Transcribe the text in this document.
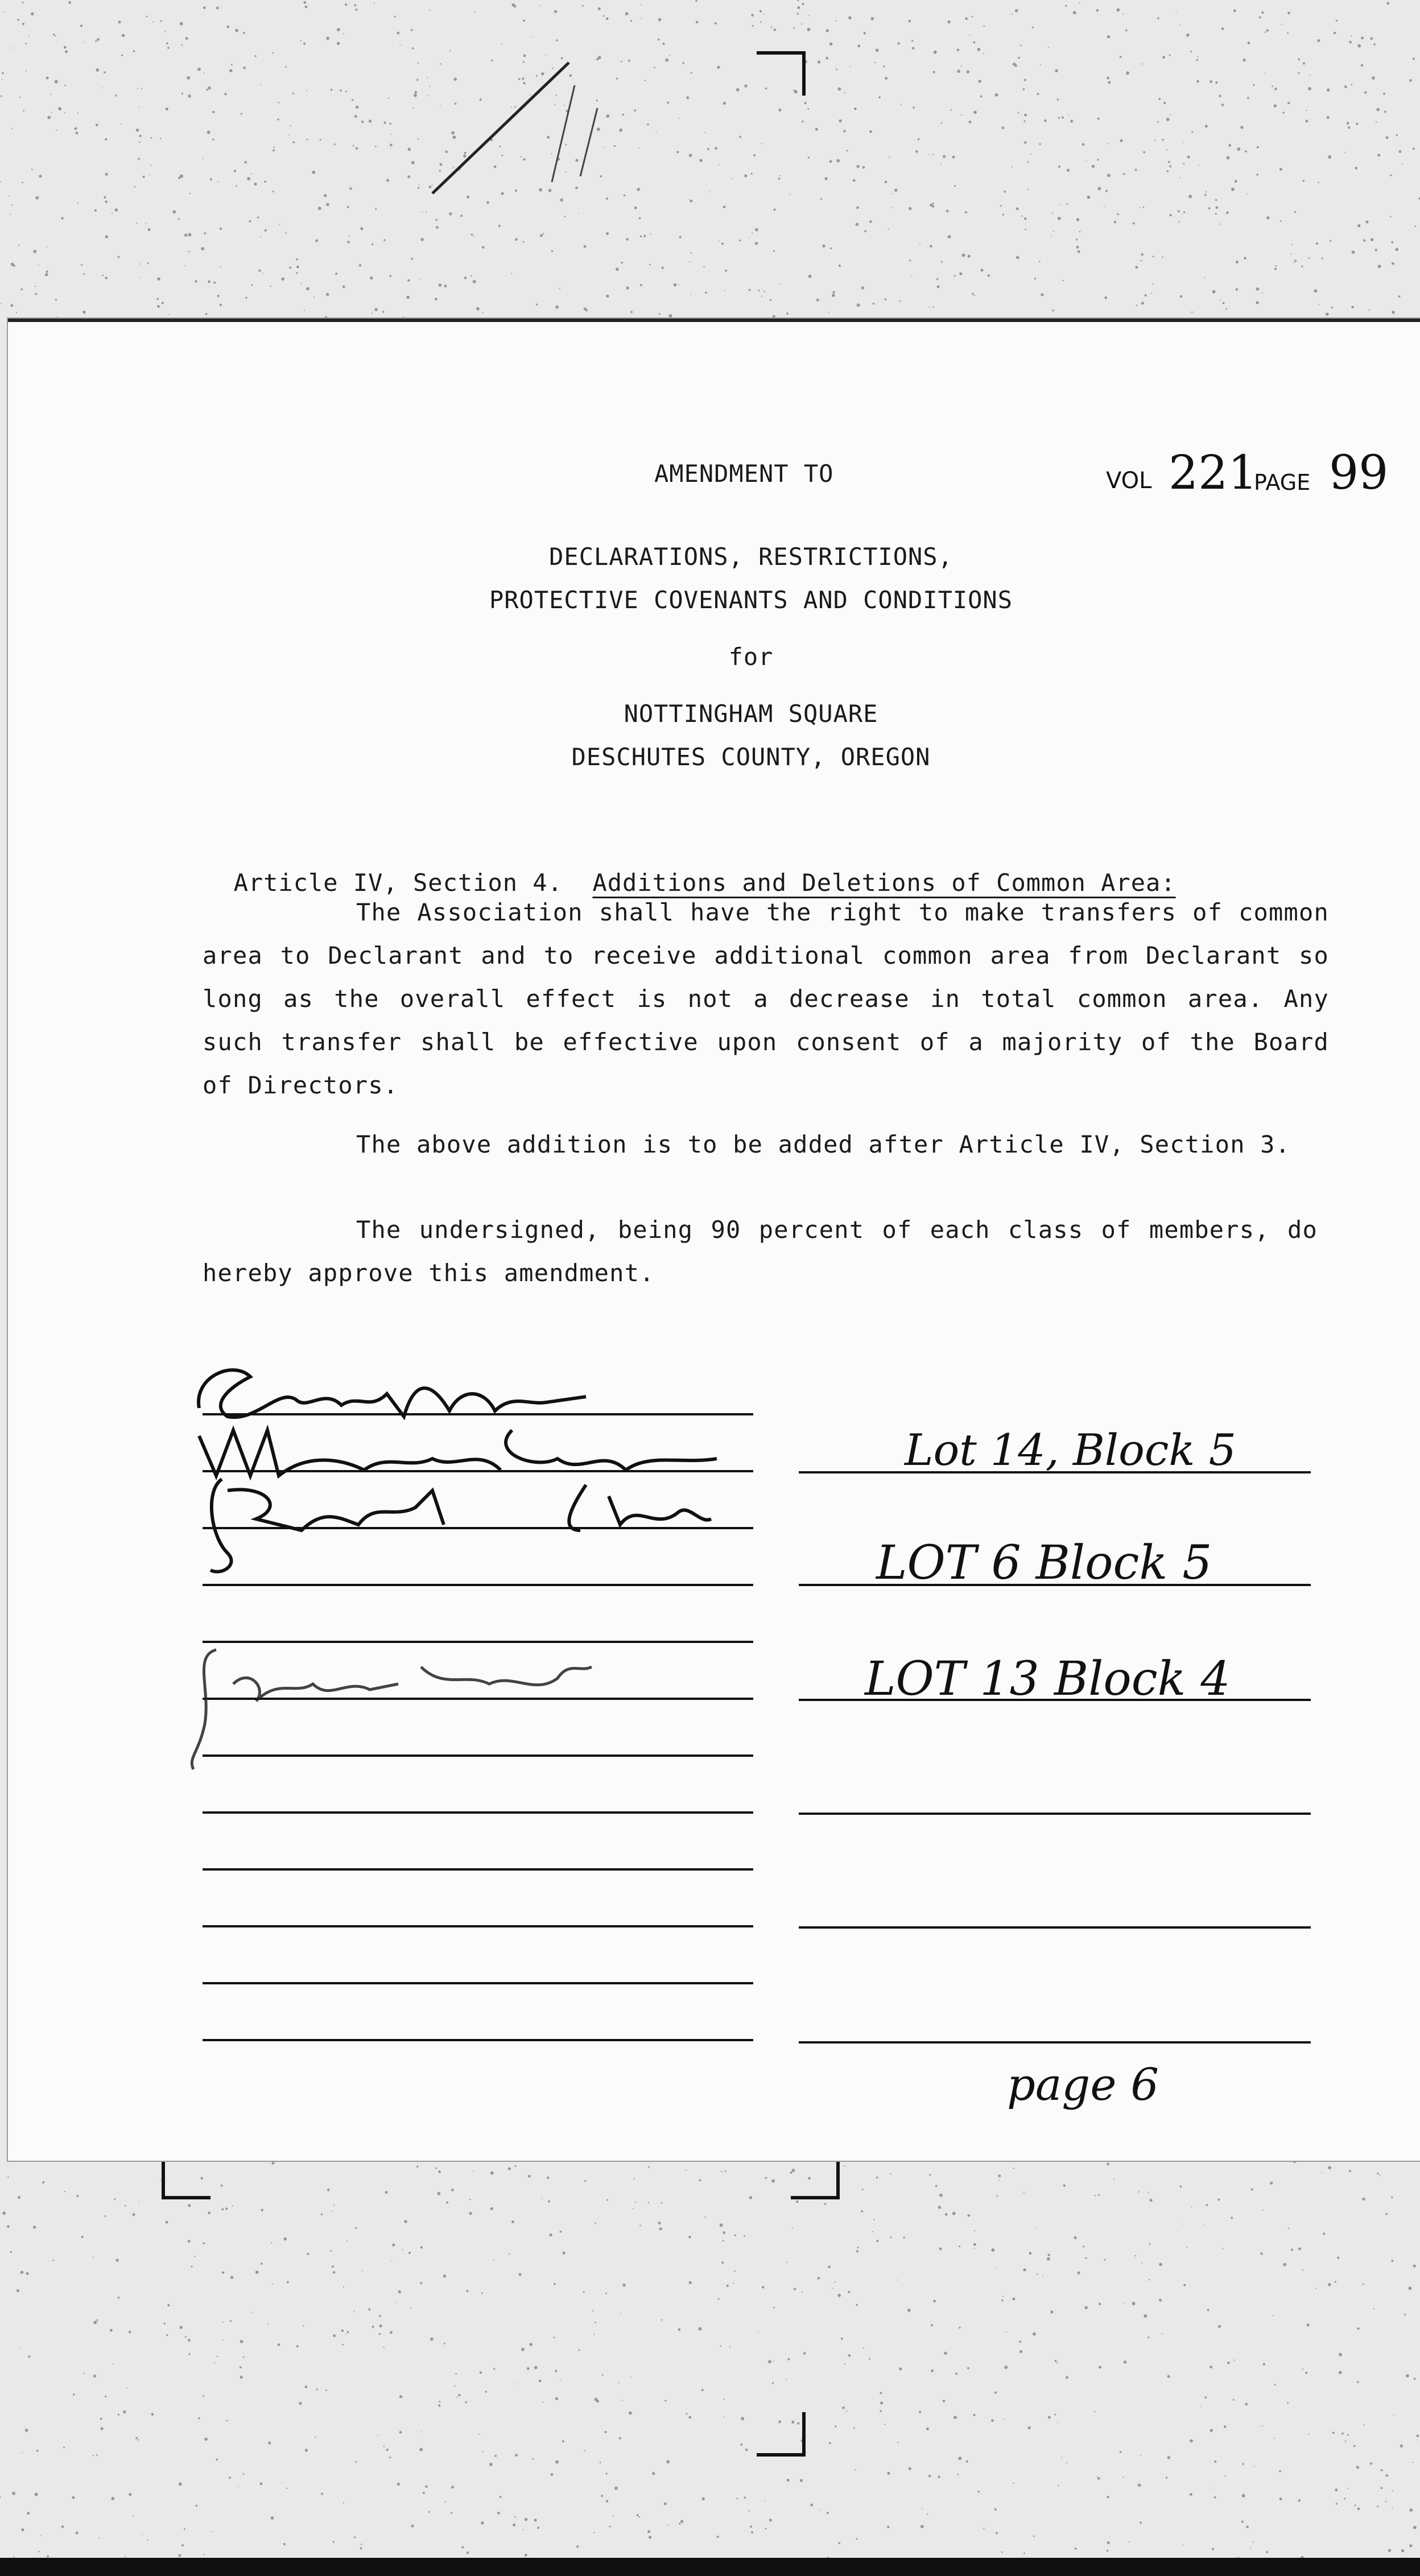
AMENDMENT TO	VOL 221
PAGE 99
DECLARATIONS, RESTRICTIONS,
PROTECTIVE COVENANTS AND CONDITIONS
for
NOTTINGHAM SQUARE
DESCHUTES COUNTY, OREGON

Article IV, Section 4. Additions and Deletions of Common Area:

The Association shall have the right to make transfers of common area to Declarant and to receive additional common area from Declarant so long as the overall effect is not a decrease in total common area. Any such transfer shall be effective upon consent of a majority of the Board of Directors.
The above addition is to be added after Article IV, Section 3.
The undersigned, being 90 percent of each class of members, do hereby approve this amendment.
Lot 14, Block 5
LOT 6 Block 5
LOT 13 Block 4
page 6
